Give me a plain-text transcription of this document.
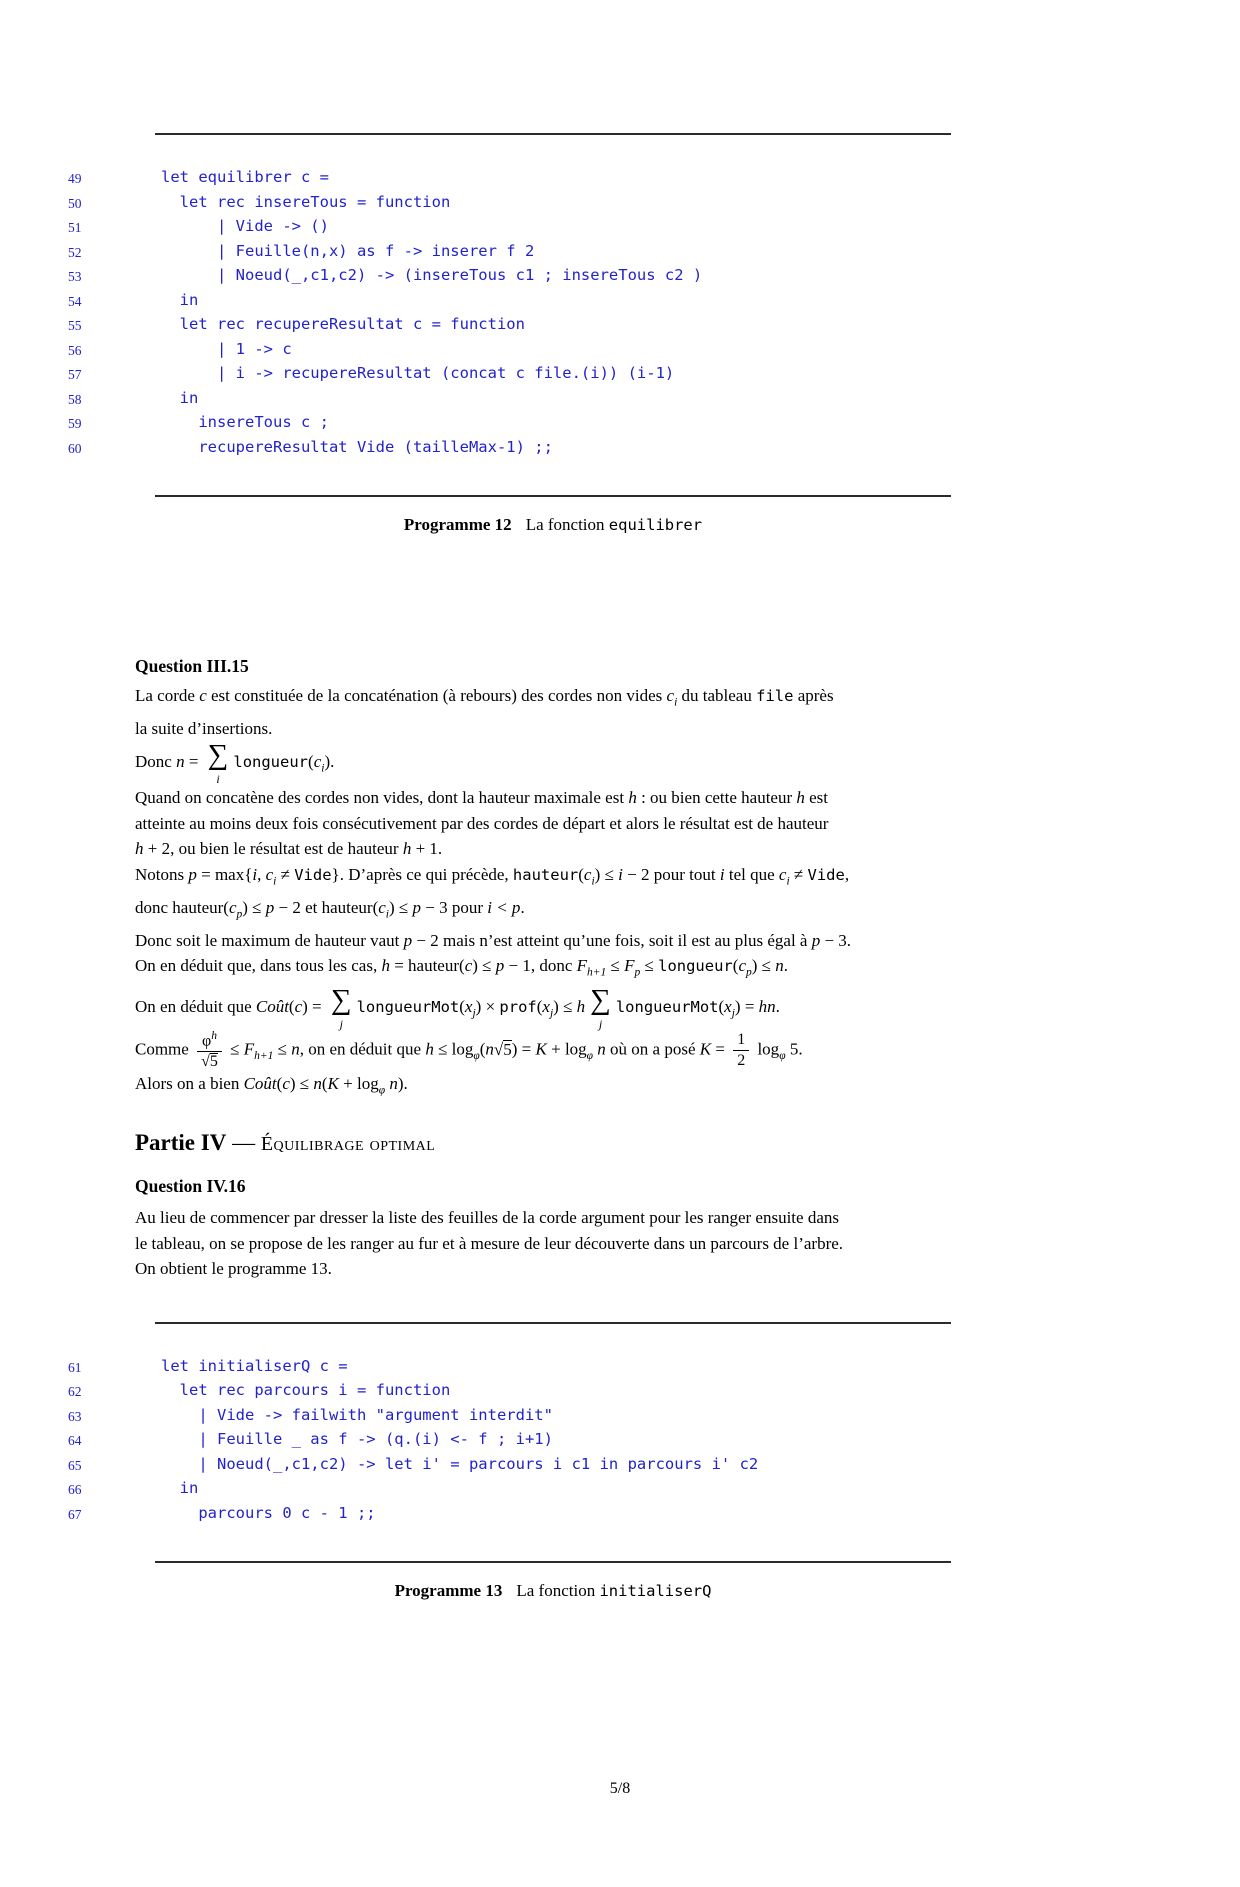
49	let equilibrer c =
50	let rec insereTous = function
51	| Vide -> ()
52	| Feuille(n,x) as f -> inserer f 2
53	| Noeud(_,c1,c2) -> (insereTous c1 ; insereTous c2 )
54	in
55	let rec recupereResultat c = function
56	| 1 -> c
57	| i -> recupereResultat (concat c file.(i)) (i-1)
58	in
59	insereTous c ;
60	recupereResultat Vide (tailleMax-1) ;;
Programme 12 La fonction equilibrer
Question III.15
La corde c est constituée de la concaténation (à rebours) des cordes non vides $c_i$ du tableau file après
la suite d’insertions.
Donc n = ∑
i
$longueur(c_i)$.
Quand on concatène des cordes non vides, dont la hauteur maximale est h : ou bien cette hauteur h est
atteinte au moins deux fois consécutivement par des cordes de départ et alors le résultat est de hauteur
h + 2, ou bien le résultat est de hauteur h + 1.
Notons p = max{i, $c_i$ ≠ Vide}. D’après ce qui précède, $hauteur(c_i) \le i - 2$ pour tout i tel que $c_i$ ≠ Vide,
donc $hauteur(c_p) \le p - 2$ et $hauteur(c_i) \le p - 3$ pour i < p.
Donc soit le maximum de hauteur vaut p − 2 mais n’est atteint qu’une fois, soit il est au plus égal à p − 3.
On en déduit que, dans tous les cas, h = hauteur(c) ≤ p − 1, donc $F_{h+1} \le F_p$ ≤ $longueur(c_p) \le n$.
On en déduit que Coût(c) = ∑
j
$longueurMot(x_j)$ × $prof(x_j) \le h$ ∑
j
$longueurMot(x_j)$ = hn.
Comme $\frac{\varphi^h}{√5} \le F_{h+1} \le n$, on en déduit que $h \le \log_\varphi(n√5) = K + \log_\varphi n$ où on a posé $K = \frac{1}{2} \log_\varphi 5$.
Alors on a bien Coût(c) ≤ $n(K + \log_\varphi n)$.
Partie IV — Équilibrage optimal
Question IV.16
Au lieu de commencer par dresser la liste des feuilles de la corde argument pour les ranger ensuite dans
le tableau, on se propose de les ranger au fur et à mesure de leur découverte dans un parcours de l’arbre.
On obtient le programme 13.
61	let initialiserQ c =
62	let rec parcours i = function
63	| Vide -> failwith "argument interdit"
64	| Feuille _ as f -> (q.(i) <- f ; i+1)
65	| Noeud(_,c1,c2) -> let i' = parcours i c1 in parcours i' c2
66	in
67	parcours 0 c - 1 ;;
Programme 13 La fonction initialiserQ
5/8
